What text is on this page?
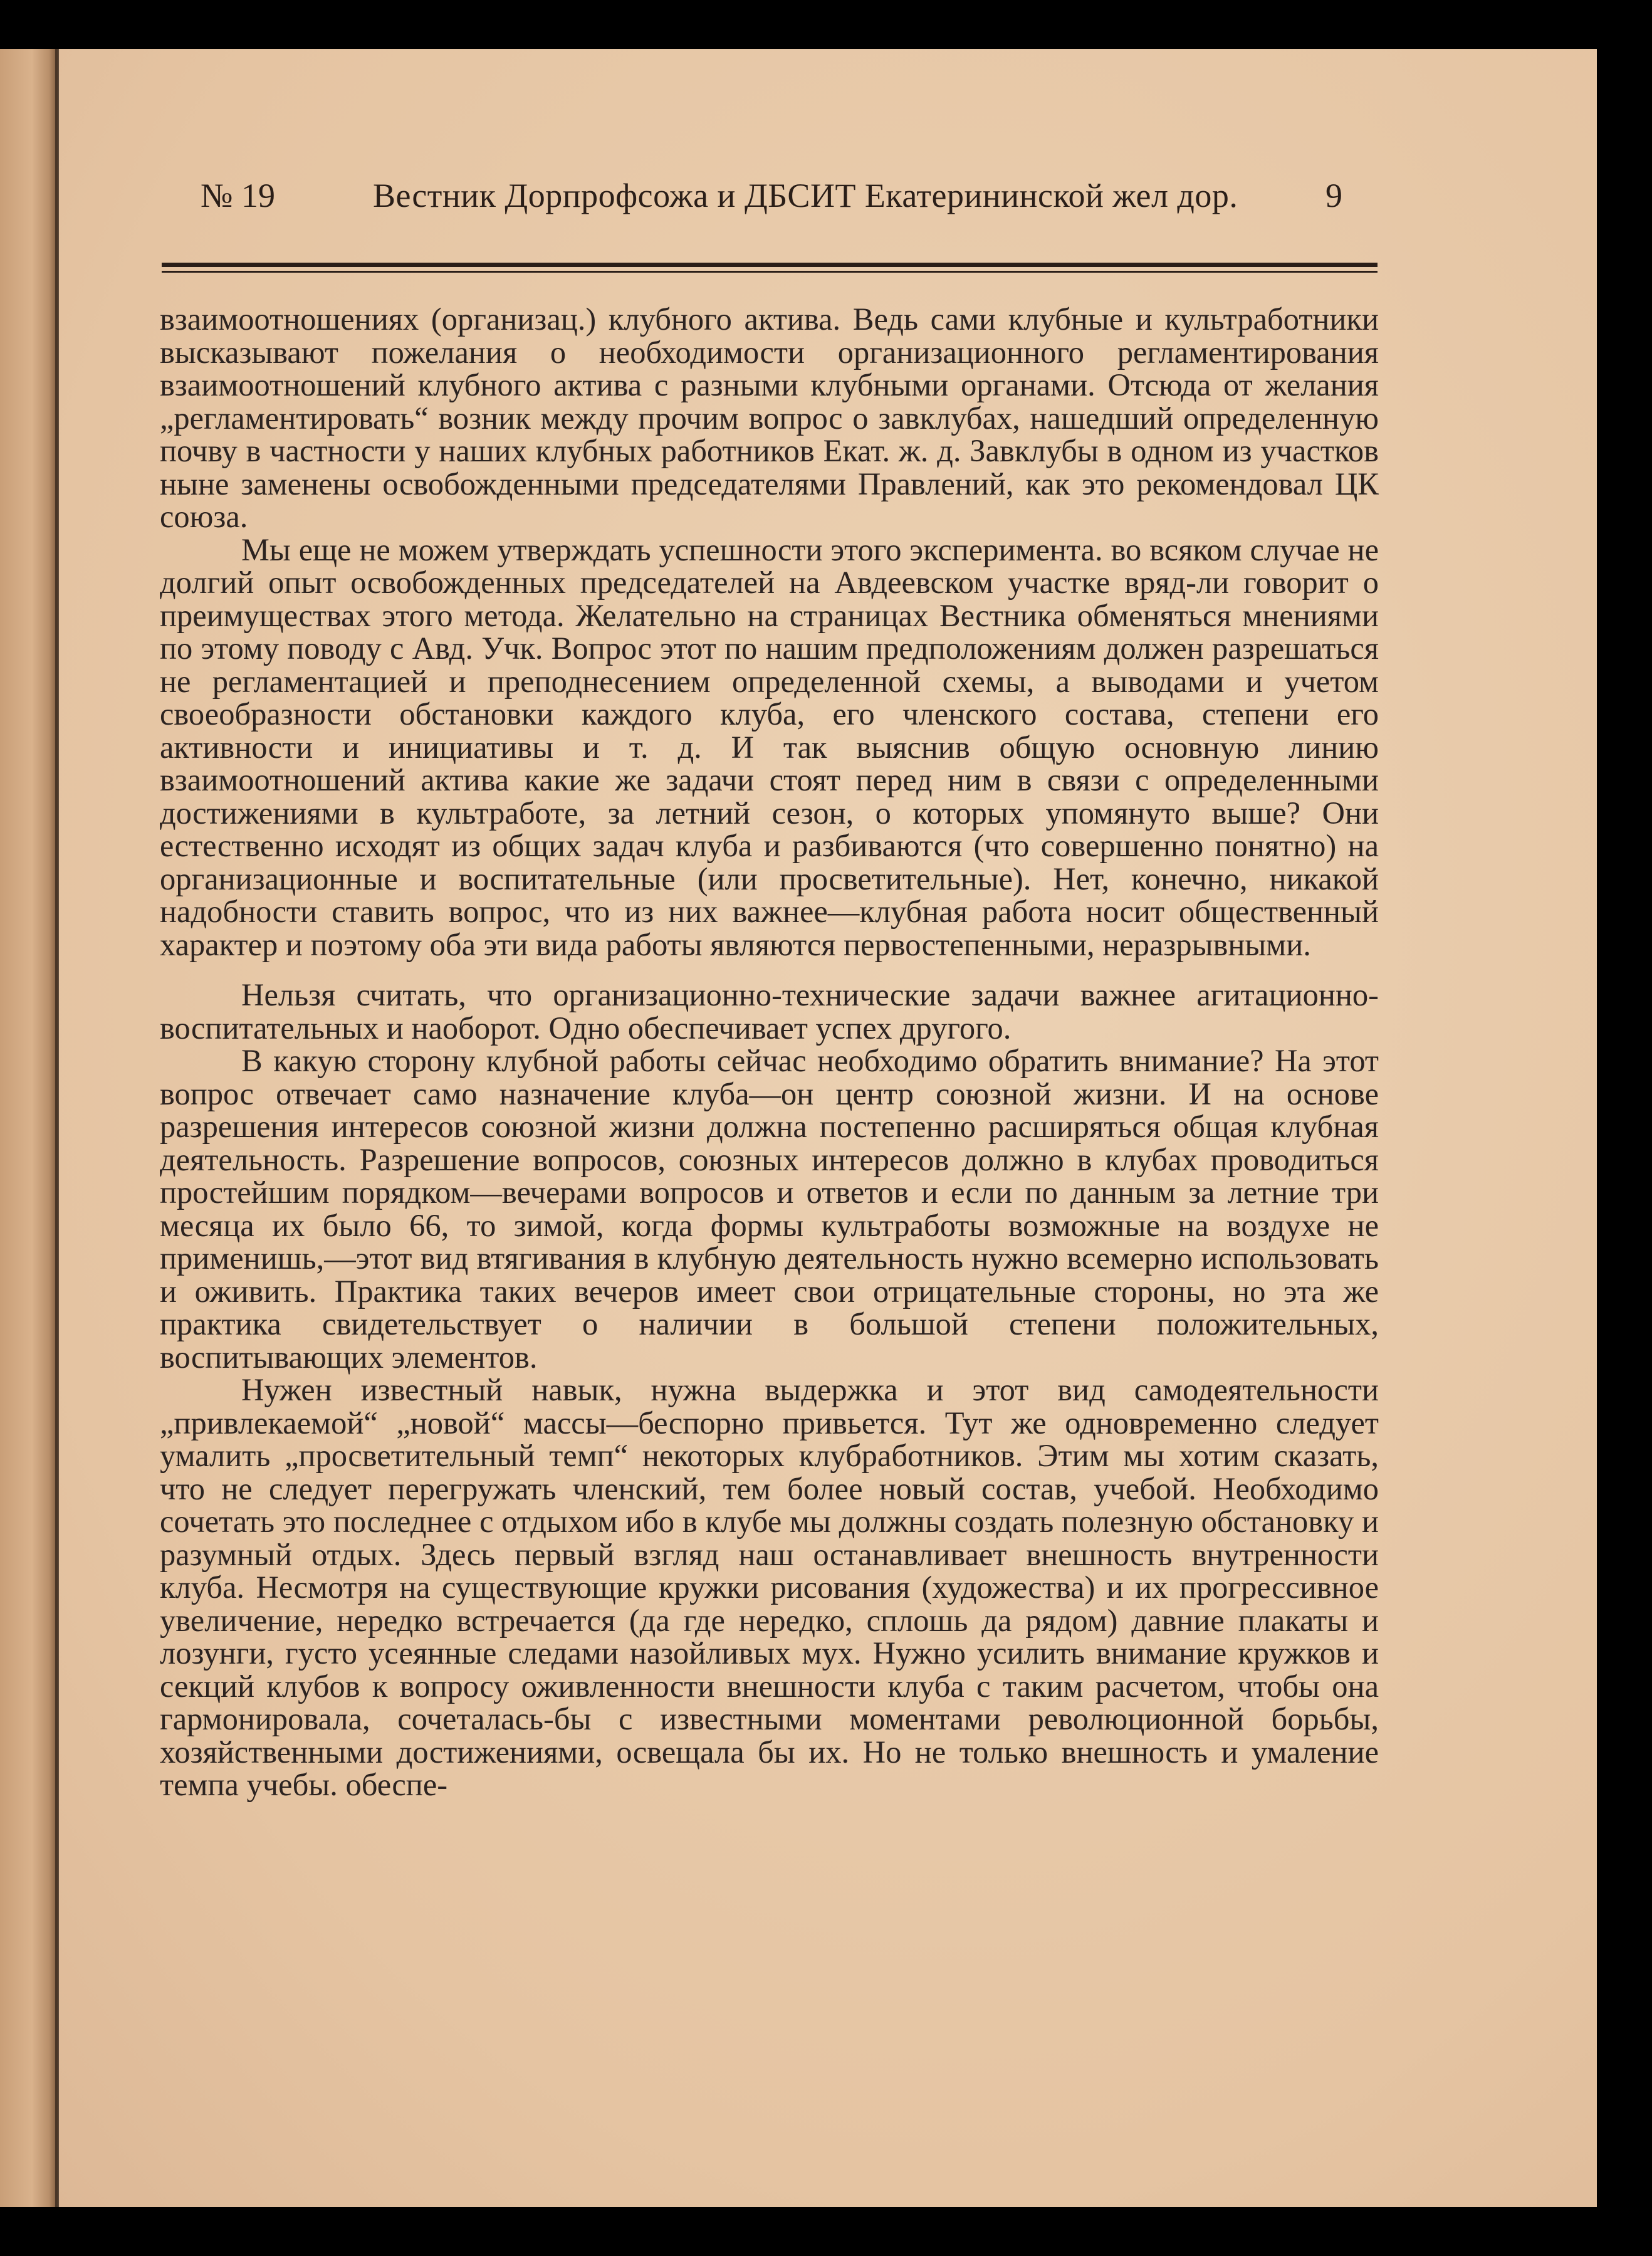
№ 19	Вестник Дорпрофсожа и ДБСИТ Екатерининской жел дор.	9

взаимоотношениях (организац.) клубного актива. Ведь сами клубные и культработники высказывают пожелания о необходимости организационного регламентирования взаимоотношений клубного актива с разными клубными органами. Отсюда от желания „регламентировать“ возник между прочим вопрос о завклубах, нашедший определенную почву в частности у наших клубных работников Екат. ж. д. Завклубы в одном из участков ныне заменены освобожденными председателями Правлений, как это рекомендовал ЦК союза.

Мы еще не можем утверждать успешности этого эксперимента. во всяком случае не долгий опыт освобожденных председателей на Авдеевском участке вряд-ли говорит о преимуществах этого метода. Желательно на страницах Вестника обменяться мнениями по этому поводу с Авд. Учк. Вопрос этот по нашим предположениям должен разрешаться не регламентацией и преподнесением определенной схемы, а выводами и учетом своеобразности обстановки каждого клуба, его членского состава, степени его активности и инициативы и т. д. И так выяснив общую основную линию взаимоотношений актива какие же задачи стоят перед ним в связи с определенными достижениями в культработе, за летний сезон, о которых упомянуто выше? Они естественно исходят из общих задач клуба и разбиваются (что совершенно понятно) на организационные и воспитательные (или просветительные). Нет, конечно, никакой надобности ставить вопрос, что из них важнее—клубная работа носит общественный характер и поэтому оба эти вида работы являются первостепенными, неразрывными.

Нельзя считать, что организационно-технические задачи важнее агитационно-воспитательных и наоборот. Одно обеспечивает успех другого.

В какую сторону клубной работы сейчас необходимо обратить внимание? На этот вопрос отвечает само назначение клуба—он центр союзной жизни. И на основе разрешения интересов союзной жизни должна постепенно расширяться общая клубная деятельность. Разрешение вопросов, союзных интересов должно в клубах проводиться простейшим порядком—вечерами вопросов и ответов и если по данным за летние три месяца их было 66, то зимой, когда формы культработы возможные на воздухе не применишь,—этот вид втягивания в клубную деятельность нужно всемерно использовать и оживить. Практика таких вечеров имеет свои отрицательные стороны, но эта же практика свидетельствует о наличии в большой степени положительных, воспитывающих элементов.

Нужен известный навык, нужна выдержка и этот вид самодеятельности „привлекаемой“ „новой“ массы—беспорно привьется. Тут же одновременно следует умалить „просветительный темп“ некоторых клубработников. Этим мы хотим сказать, что не следует перегружать членский, тем более новый состав, учебой. Необходимо сочетать это последнее с отдыхом ибо в клубе мы должны создать полезную обстановку и разумный отдых. Здесь первый взгляд наш останавливает внешность внутренности клуба. Несмотря на существующие кружки рисования (художества) и их прогрессивное увеличение, нередко встречается (да где нередко, сплошь да рядом) давние плакаты и лозунги, густо усеянные следами назойливых мух. Нужно усилить внимание кружков и секций клубов к вопросу оживленности внешности клуба с таким расчетом, чтобы она гармонировала, сочеталась-бы с известными моментами революционной борьбы, хозяйственными достижениями, освещала бы их. Но не только внешность и умаление темпа учебы. обеспе-
